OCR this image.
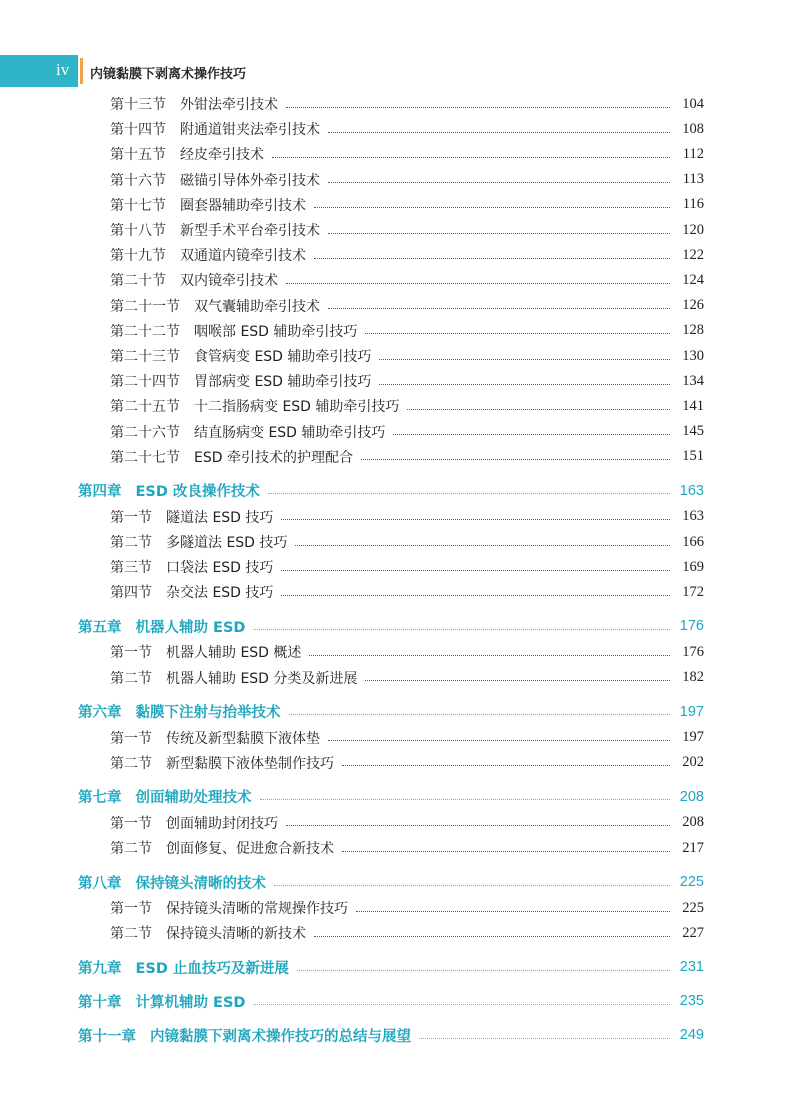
iv 内镜黏膜下剥离术操作技巧
第十三节 外钳法牵引技术	104
第十四节 附通道钳夹法牵引技术	108
第十五节 经皮牵引技术	112
第十六节 磁锚引导体外牵引技术	113
第十七节 圈套器辅助牵引技术	116
第十八节 新型手术平台牵引技术	120
第十九节 双通道内镜牵引技术	122
第二十节 双内镜牵引技术	124
第二十一节 双气囊辅助牵引技术	126
第二十二节 咽喉部 ESD 辅助牵引技巧	128
第二十三节 食管病变 ESD 辅助牵引技巧	130
第二十四节 胃部病变 ESD 辅助牵引技巧	134
第二十五节 十二指肠病变 ESD 辅助牵引技巧	141
第二十六节 结直肠病变 ESD 辅助牵引技巧	145
第二十七节 ESD 牵引技术的护理配合	151
第四章 ESD 改良操作技术	163
第一节 隧道法 ESD 技巧	163
第二节 多隧道法 ESD 技巧	166
第三节 口袋法 ESD 技巧	169
第四节 杂交法 ESD 技巧	172
第五章 机器人辅助 ESD	176
第一节 机器人辅助 ESD 概述	176
第二节 机器人辅助 ESD 分类及新进展	182
第六章 黏膜下注射与抬举技术	197
第一节 传统及新型黏膜下液体垫	197
第二节 新型黏膜下液体垫制作技巧	202
第七章 创面辅助处理技术	208
第一节 创面辅助封闭技巧	208
第二节 创面修复、促进愈合新技术	217
第八章 保持镜头清晰的技术	225
第一节 保持镜头清晰的常规操作技巧	225
第二节 保持镜头清晰的新技术	227
第九章 ESD 止血技巧及新进展	231
第十章 计算机辅助 ESD	235
第十一章 内镜黏膜下剥离术操作技巧的总结与展望	249
